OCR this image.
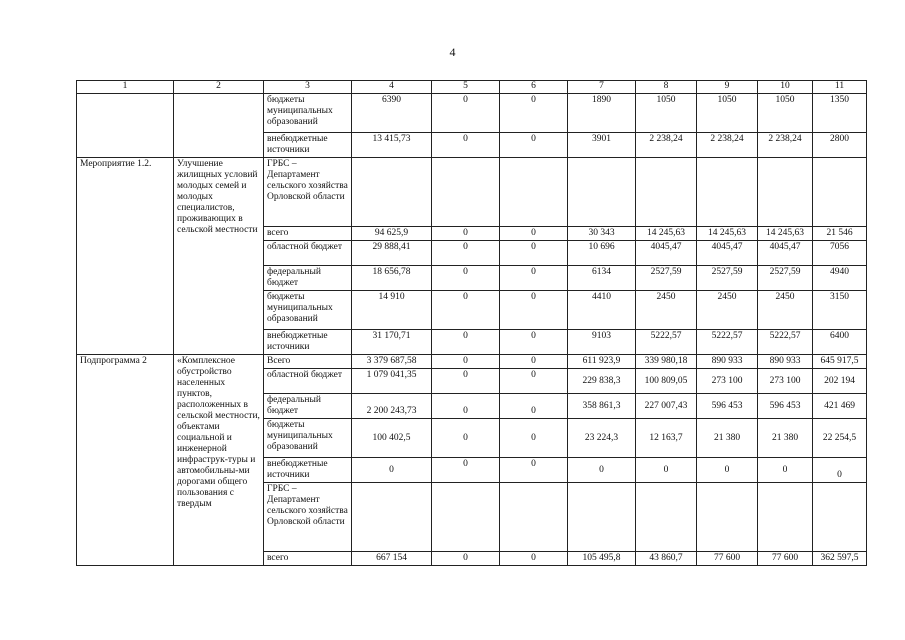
4
1	2	3	4	5	6	7	8	9	10	11
		бюджеты муниципальных образований	6390	0	0	1890	1050	1050	1050	1350
		внебюджетные источники	13 415,73	0	0	3901	2 238,24	2 238,24	2 238,24	2800
Мероприятие 1.2.	Улучшение жилищных условий молодых семей и молодых специалистов, проживающих в сельской местности	ГРБС – Департамент сельского хозяйства Орловской области								
		всего	94 625,9	0	0	30 343	14 245,63	14 245,63	14 245,63	21 546
		областной бюджет	29 888,41	0	0	10 696	4045,47	4045,47	4045,47	7056
		федеральный бюджет	18 656,78	0	0	6134	2527,59	2527,59	2527,59	4940
		бюджеты муниципальных образований	14 910	0	0	4410	2450	2450	2450	3150
		внебюджетные источники	31 170,71	0	0	9103	5222,57	5222,57	5222,57	6400
Подпрограмма 2	«Комплексное обустройство населенных пунктов, расположенных в сельской местности, объектами социальной и инженерной инфраструк-туры и автомобильны-ми дорогами общего пользования с твердым	Всего	3 379 687,58	0	0	611 923,9	339 980,18	890 933	890 933	645 917,5
		областной бюджет	1 079 041,35	0	0	229 838,3	100 809,05	273 100	273 100	202 194
		федеральный бюджет	2 200 243,73	0	0	358 861,3	227 007,43	596 453	596 453	421 469
		бюджеты муниципальных образований	100 402,5	0	0	23 224,3	12 163,7	21 380	21 380	22 254,5
		внебюджетные источники	0	0	0	0	0	0	0	0
		ГРБС – Департамент сельского хозяйства Орловской области								
		всего	667 154	0	0	105 495,8	43 860,7	77 600	77 600	362 597,5
